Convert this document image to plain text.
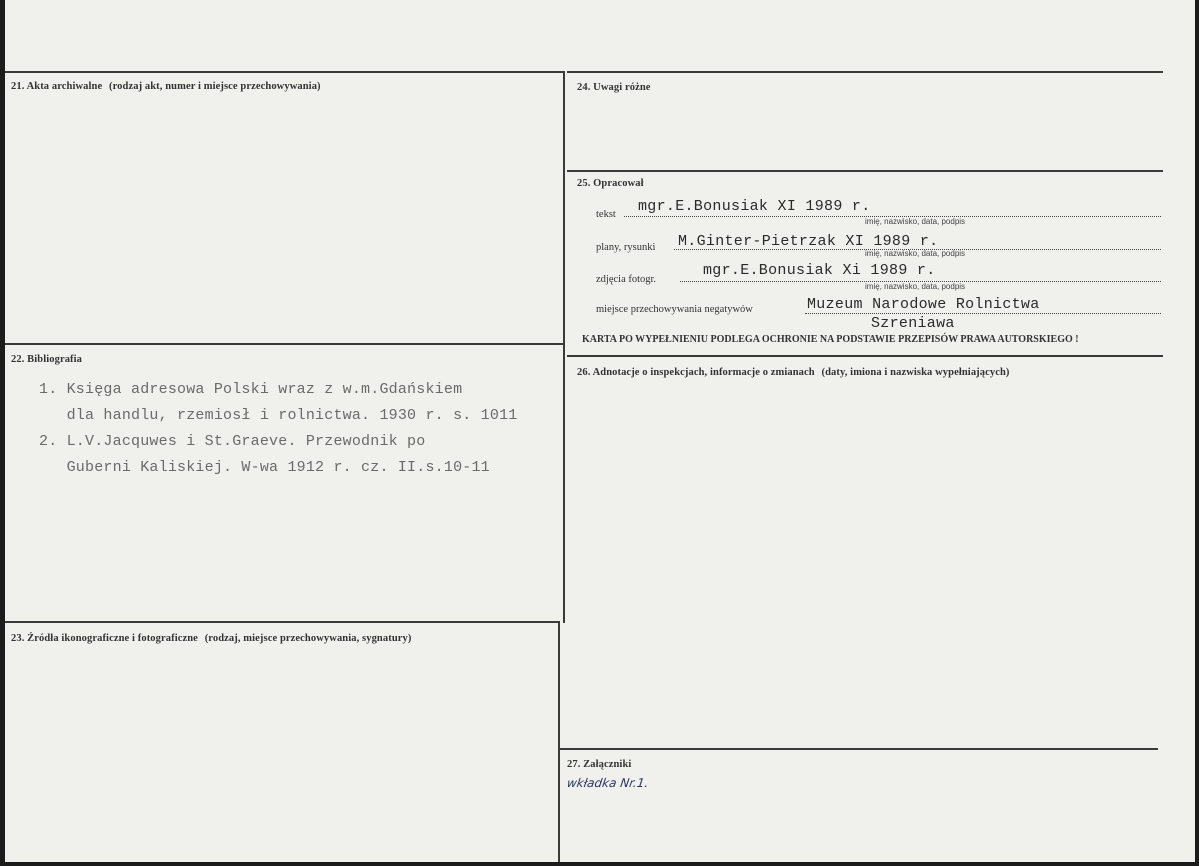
21. Akta archiwalne (rodzaj akt, numer i miejsce przechowywania)	24. Uwagi różne
25. Opracował
tekst mgr.E.Bonusiak XI 1989 r.
imię, nazwisko, data, podpis
plany, rysunki M.Ginter-Pietrzak XI 1989 r.
imię, nazwisko, data, podpis
zdjęcia fotogr.
mgr.E.Bonusiak Xi 1989 r.
imię, nazwisko, data, podpis
miejsce przechowywania negatywów	Muzeum Narodowe Rolnictwa
Szreniawa
KARTA PO WYPEŁNIENIU PODLEGA OCHRONIE NA PODSTAWIE PRZEPISÓW PRAWA AUTORSKIEGO !
22. Bibliografia
1. Księga adresowa Polski wraz z w.m.Gdańskiem
dla handlu, rzemiosł i rolnictwa. 1930 r. s. 1011
2. L.V.Jacquwes i St.Graeve. Przewodnik po
Guberni Kaliskiej. W-wa 1912 r. cz. II.s.10-11
26. Adnotacje o inspekcjach, informacje o zmianach (daty, imiona i nazwiska wypełniających)
23. Źródła ikonograficzne i fotograficzne (rodzaj, miejsce przechowywania, sygnatury)
27. Załączniki
wkładka Nr.1.
